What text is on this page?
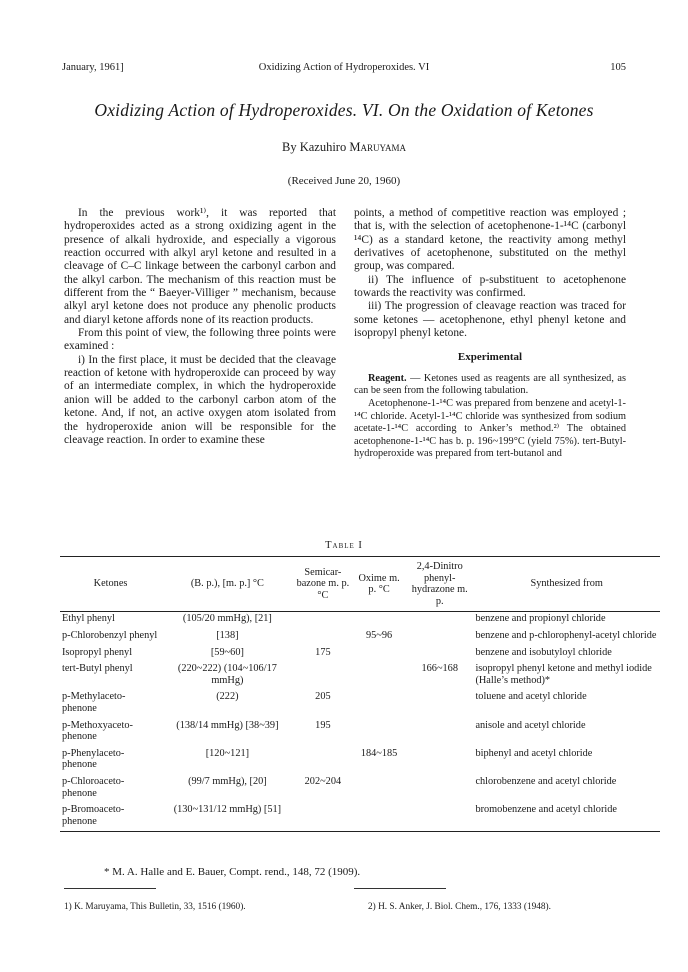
January, 1961]	Oxidizing Action of Hydroperoxides. VI	105
Oxidizing Action of Hydroperoxides. VI. On the Oxidation of Ketones
By Kazuhiro Maruyama
(Received June 20, 1960)

In the previous work¹⁾, it was reported that hydroperoxides acted as a strong oxidizing agent in the presence of alkali hydroxide, and especially a vigorous reaction occurred with alkyl aryl ketone and resulted in a cleavage of C–C linkage between the carbonyl carbon and the alkyl carbon. The mechanism of this reaction must be different from the “ Baeyer-Villiger ” mechanism, because alkyl aryl ketone does not produce any phenolic products and diaryl ketone affords none of its reaction products.

From this point of view, the following three points were examined :

i) In the first place, it must be decided that the cleavage reaction of ketone with hydroperoxide can proceed by way of an intermediate complex, in which the hydroperoxide anion will be added to the carbonyl carbon atom of the ketone. And, if not, an active oxygen atom isolated from the hydroperoxide anion will be responsible for the cleavage reaction. In order to examine these

points, a method of competitive reaction was employed ; that is, with the selection of acetophenone-1-¹⁴C (carbonyl ¹⁴C) as a standard ketone, the reactivity among methyl derivatives of acetophenone, substituted on the methyl group, was compared.

ii) The influence of p-substituent to acetophenone towards the reactivity was confirmed.

iii) The progression of cleavage reaction was traced for some ketones — acetophenone, ethyl phenyl ketone and isopropyl phenyl ketone.

Experimental

Reagent. — Ketones used as reagents are all synthesized, as can be seen from the following tabulation.

Acetophenone-1-¹⁴C was prepared from benzene and acetyl-1-¹⁴C chloride. Acetyl-1-¹⁴C chloride was synthesized from sodium acetate-1-¹⁴C according to Anker’s method.²⁾ The obtained acetophenone-1-¹⁴C has b. p. 196~199°C (yield 75%). tert-Butyl-hydroperoxide was prepared from tert-butanol and

Table I
Ketones	(B. p.), [m. p.] °C	Semicar-bazone m. p. °C	Oxime m. p. °C	2,4-Dinitro phenyl-hydrazone m. p.	Synthesized from
Ethyl phenyl	(105/20 mmHg), [21]				benzene and propionyl chloride
p-Chlorobenzyl phenyl	[138]		95~96		benzene and p-chlorophenyl-acetyl chloride
Isopropyl phenyl	[59~60]	175			benzene and isobutyloyl chloride
tert-Butyl phenyl	(220~222) (104~106/17 mmHg)			166~168	isopropyl phenyl ketone and methyl iodide (Halle’s method)*
p-Methylaceto-phenone	(222)	205			toluene and acetyl chloride
p-Methoxyaceto-phenone	(138/14 mmHg) [38~39]	195			anisole and acetyl chloride
p-Phenylaceto-phenone	[120~121]		184~185		biphenyl and acetyl chloride
p-Chloroaceto-phenone	(99/7 mmHg), [20]	202~204			chlorobenzene and acetyl chloride
p-Bromoaceto-phenone	(130~131/12 mmHg) [51]				bromobenzene and acetyl chloride
* M. A. Halle and E. Bauer, Compt. rend., 148, 72 (1909).
1) K. Maruyama, This Bulletin, 33, 1516 (1960).	2) H. S. Anker, J. Biol. Chem., 176, 1333 (1948).
